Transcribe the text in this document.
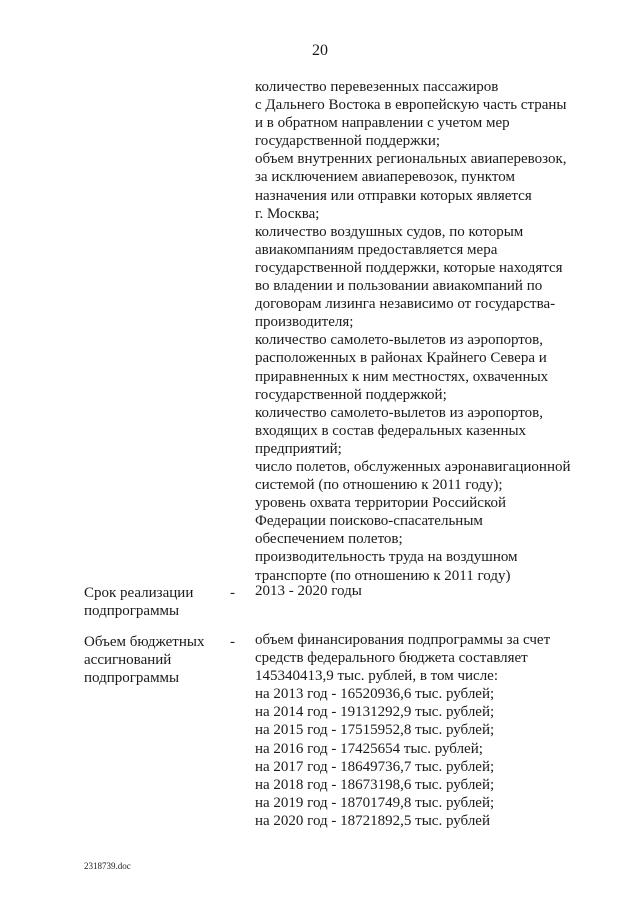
20
количество перевезенных пассажиров
с Дальнего Востока в европейскую часть страны
и в обратном направлении с учетом мер
государственной поддержки;
объем внутренних региональных авиаперевозок,
за исключением авиаперевозок, пунктом
назначения или отправки которых является
г. Москва;
количество воздушных судов, по которым
авиакомпаниям предоставляется мера
государственной поддержки, которые находятся
во владении и пользовании авиакомпаний по
договорам лизинга независимо от государства-
производителя;
количество самолето-вылетов из аэропортов,
расположенных в районах Крайнего Севера и
приравненных к ним местностях, охваченных
государственной поддержкой;
количество самолето-вылетов из аэропортов,
входящих в состав федеральных казенных
предприятий;
число полетов, обслуженных аэронавигационной
системой (по отношению к 2011 году);
уровень охвата территории Российской
Федерации поисково-спасательным
обеспечением полетов;
производительность труда на воздушном
транспорте (по отношению к 2011 году)
Срок реализации
подпрограммы
- 2013 - 2020 годы
Объем бюджетных
ассигнований
подпрограммы
- объем финансирования подпрограммы за счет
средств федерального бюджета составляет
145340413,9 тыс. рублей, в том числе:
на 2013 год - 16520936,6 тыс. рублей;
на 2014 год - 19131292,9 тыс. рублей;
на 2015 год - 17515952,8 тыс. рублей;
на 2016 год - 17425654 тыс. рублей;
на 2017 год - 18649736,7 тыс. рублей;
на 2018 год - 18673198,6 тыс. рублей;
на 2019 год - 18701749,8 тыс. рублей;
на 2020 год - 18721892,5 тыс. рублей
2318739.doc
